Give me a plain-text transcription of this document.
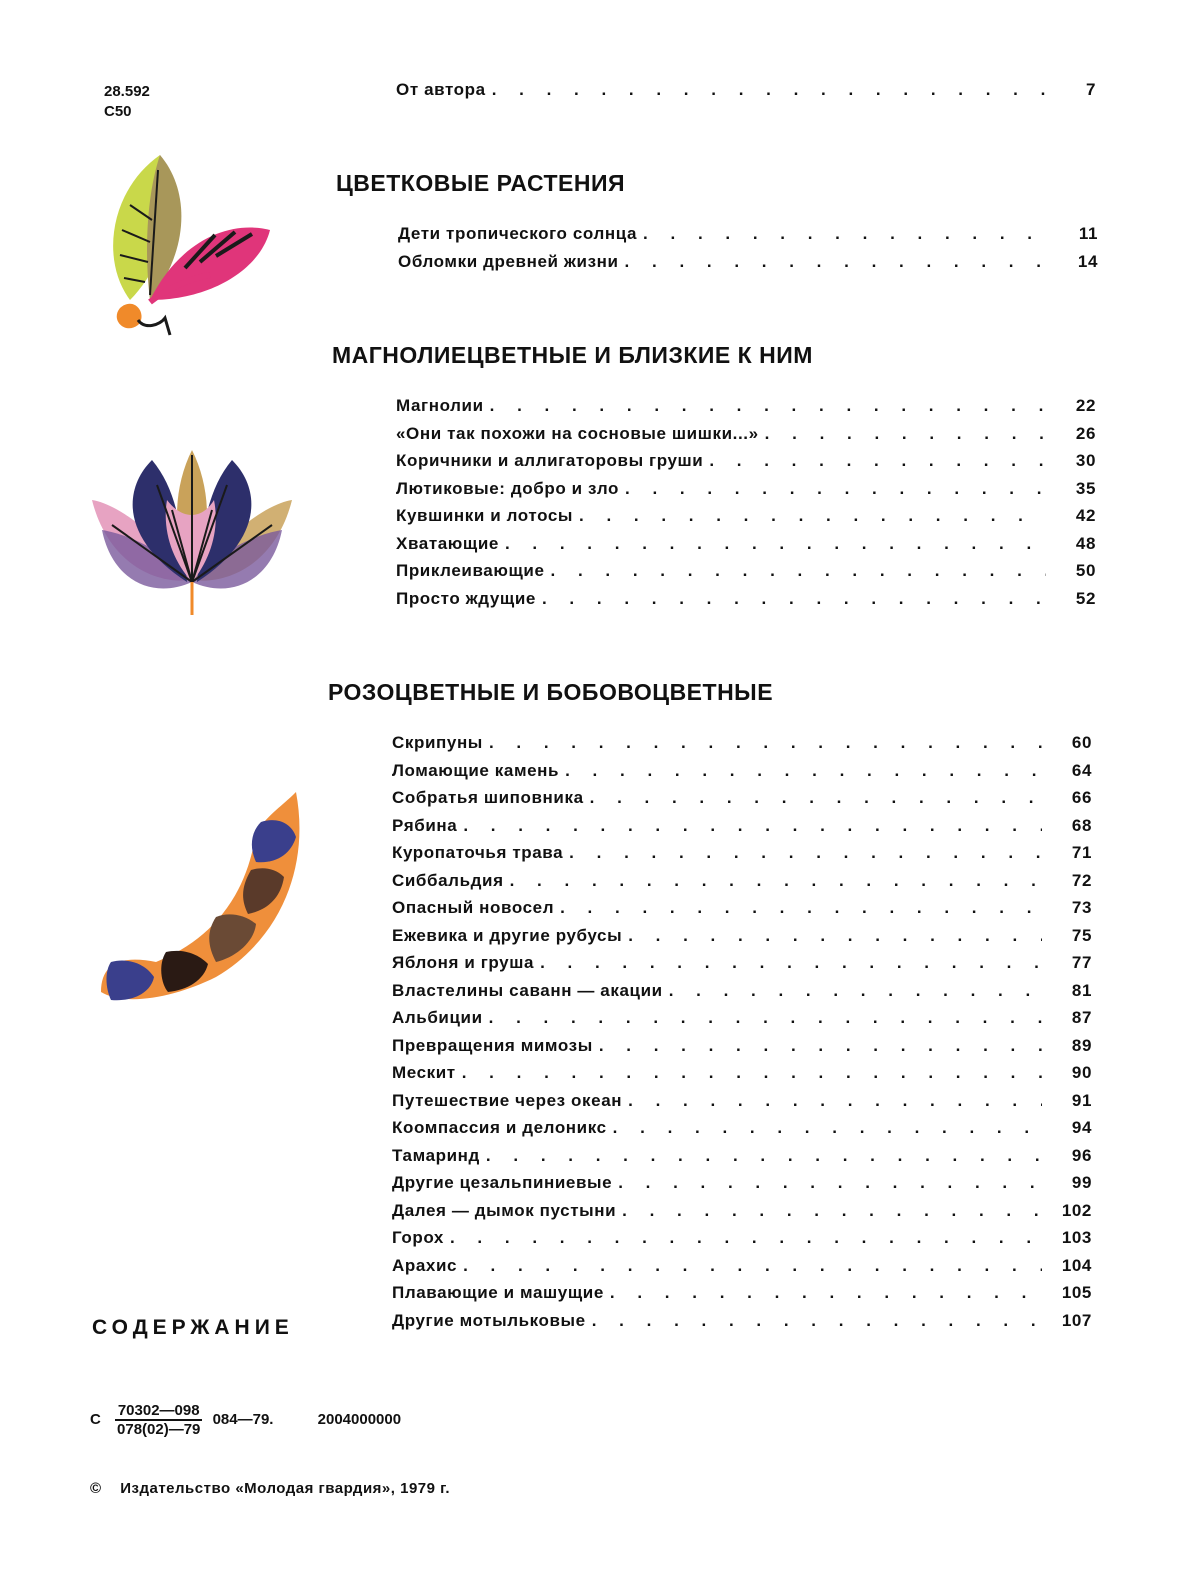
28.592
С50
От автора . . .	7
ЦВЕТКОВЫЕ РАСТЕНИЯ
Дети тропического солнца . . .	11
Обломки древней жизни . . .	14
МАГНОЛИЕЦВЕТНЫЕ И БЛИЗКИЕ К НИМ
Магнолии . . .	22
«Они так похожи на сосновые шишки...» . . .	26
Коричники и аллигаторовы груши . . .	30
Лютиковые: добро и зло . . .	35
Кувшинки и лотосы . . .	42
Хватающие . . .	48
Приклеивающие . . .	50
Просто ждущие . . .	52
РОЗОЦВЕТНЫЕ И БОБОВОЦВЕТНЫЕ
Скрипуны . . .	60
Ломающие камень . . .	64
Собратья шиповника . . .	66
Рябина . . .	68
Куропаточья трава . . .	71
Сиббальдия . . .	72
Опасный новосел . . .	73
Ежевика и другие рубусы . . .	75
Яблоня и груша . . .	77
Властелины саванн — акации . . .	81
Альбиции . . .	87
Превращения мимозы . . .	89
Мескит . . .	90
Путешествие через океан . . .	91
Коомпассия и делоникс . . .	94
Тамаринд . . .	96
Другие цезальпиниевые . . .	99
Далея — дымок пустыни . . .	102
Горох . . .	103
Арахис . . .	104
Плавающие и машущие . . .	105
Другие мотыльковые . . .	107
СОДЕРЖАНИЕ
С $\frac{70302—098}{078(02)—79}$ 084—79.	2004000000
© Издательство «Молодая гвардия», 1979 г.
